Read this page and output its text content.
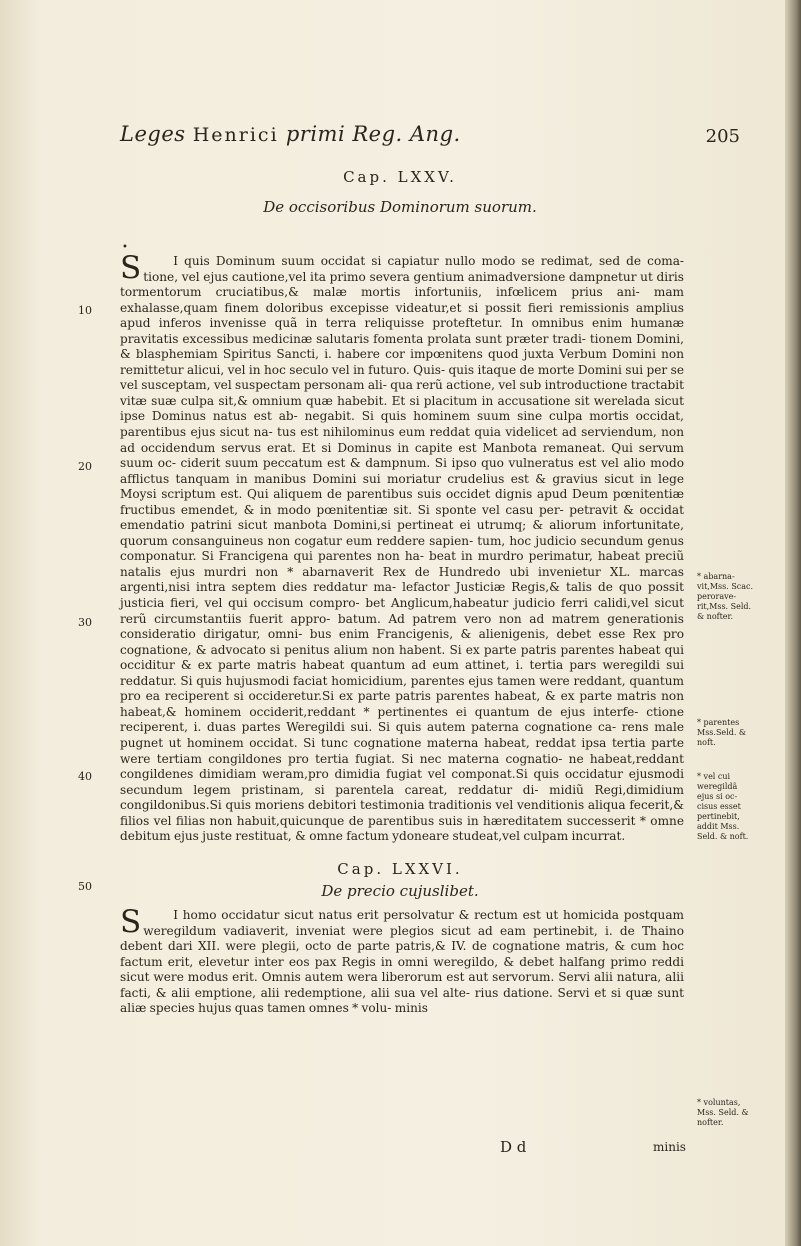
Leges Henrici primi Reg. Ang.	205
Cap. LXXV.
De occisoribus Dominorum suorum.
•

S	I quis Dominum suum occidat si capiatur nullo modo se redimat, sed de coma- tione, vel ejus cautione,vel ita primo severa gentium animadversione dampnetur ut diris tormentorum cruciatibus,& malæ mortis infortuniis, infœlicem prius ani- mam exhalasse,quam finem doloribus excepisse videatur,et si possit fieri remissionis amplius apud inferos invenisse quã in terra reliquisse proteftetur. In omnibus enim humanæ pravitatis excessibus medicinæ salutaris fomenta prolata sunt præter tradi- tionem Domini, & blasphemiam Spiritus Sancti, i. habere cor impœnitens quod juxta Verbum Domini non remittetur alicui, vel in hoc seculo vel in futuro. Quis- quis itaque de morte Domini sui per se vel susceptam, vel suspectam personam ali- qua rerũ actione, vel sub introductione tractabit vitæ suæ culpa sit,& omnium quæ habebit. Et si placitum in accusatione sit werelada sicut ipse Dominus natus est ab- negabit. Si quis hominem suum sine culpa mortis occidat, parentibus ejus sicut na- tus est nihilominus eum reddat quia videlicet ad serviendum, non ad occidendum servus erat. Et si Dominus in capite est Manbota remaneat. Qui servum suum oc- ciderit suum peccatum est & dampnum. Si ipso quo vulneratus est vel alio modo afflictus tanquam in manibus Domini sui moriatur crudelius est & gravius sicut in lege Moysi scriptum est. Qui aliquem de parentibus suis occidet dignis apud Deum pœnitentiæ fructibus emendet, & in modo pœnitentiæ sit. Si sponte vel casu per- petravit & occidat emendatio patrini sicut manbota Domini,si pertineat ei utrumq; & aliorum infortunitate, quorum consanguineus non cogatur eum reddere sapien- tum, hoc judicio secundum genus componatur. Si Francigena qui parentes non ha- beat in murdro perimatur, habeat preciũ natalis ejus murdri non * abarnaverit Rex de Hundredo ubi invenietur XL. marcas argenti,nisi intra septem dies reddatur ma- lefactor Justiciæ Regis,& talis de quo possit justicia fieri, vel qui occisum compro- bet Anglicum,habeatur judicio ferri calidi,vel sicut rerũ circumstantiis fuerit appro- batum. Ad patrem vero non ad matrem generationis consideratio dirigatur, omni- bus enim Francigenis, & alienigenis, debet esse Rex pro cognatione, & advocato si penitus alium non habent. Si ex parte patris parentes habeat qui occiditur & ex parte matris habeat quantum ad eum attinet, i. tertia pars weregildi sui reddatur. Si quis hujusmodi faciat homicidium, parentes ejus tamen were reddant, quantum pro ea reciperent si occideretur.Si ex parte patris parentes habeat, & ex parte matris non habeat,& hominem occiderit,reddant * pertinentes ei quantum de ejus interfe- ctione reciperent, i. duas partes Weregildi sui. Si quis autem paterna cognatione ca- rens male pugnet ut hominem occidat. Si tunc cognatione materna habeat, reddat ipsa tertia parte were tertiam congildones pro tertia fugiat. Si nec materna cognatio- ne habeat,reddant congildenes dimidiam weram,pro dimidia fugiat vel componat.Si quis occidatur ejusmodi secundum legem pristinam, si parentela careat, reddatur di- midiũ Regi,dimidium congildonibus.Si quis moriens debitori testimonia traditionis vel venditionis aliqua fecerit,& filios vel filias non habuit,quicunque de parentibus suis in hæreditatem successerit * omne debitum ejus juste restituat, & omne factum ydoneare studeat,vel culpam incurrat.

Cap. LXXVI.
De precio cujuslibet.

S	I homo occidatur sicut natus erit persolvatur & rectum est ut homicida postquam weregildum vadiaverit, inveniat were plegios sicut ad eam pertinebit, i. de Thaino debent dari XII. were plegii, octo de parte patris,& IV. de cognatione matris, & cum hoc factum erit, elevetur inter eos pax Regis in omni weregildo, & debet halfang primo reddi sicut were modus erit. Omnis autem wera liberorum est aut servorum. Servi alii natura, alii facti, & alii emptione, alii redemptione, alii sua vel alte- rius datione. Servi et si quæ sunt aliæ species hujus quas tamen omnes * volu- minis

10
20
30
40
50
* abarna- vit,Mss. Scac. perorave- rit,Mss. Seld. & nofter.
* parentes Mss.Seld. & noft.
* vel cui weregildã ejus si oc- cisus esset pertinebit, addit Mss. Seld. & noft.
* voluntas, Mss. Seld. & nofter.
D d	minis
